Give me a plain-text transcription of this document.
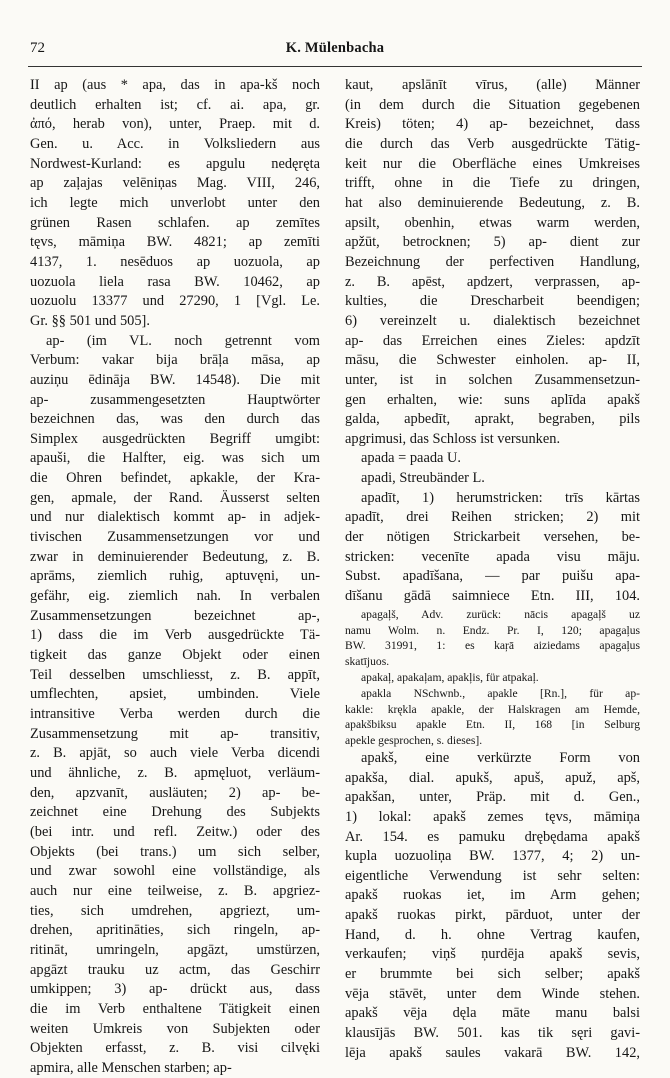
72	K. Mülenbacha
II ap (aus * apa, das in apa-kš noch
deutlich erhalten ist; cf. ai. apa, gr.
ἀπό, herab von), unter, Praep. mit d.
Gen. u. Acc. in Volksliedern aus
Nordwest-Kurland: es apgulu nedęręta
ap zaļajas velēniņas Mag. VIII, 246,
ich legte mich unverlobt unter den
grünen Rasen schlafen. ap zemītes
tęvs, māmiņa BW. 4821; ap zemīti
4137, 1. nesēduos ap uozuola, ap
uozuola liela rasa BW. 10462, ap
uozuolu 13377 und 27290, 1 [Vgl. Le.
Gr. §§ 501 und 505].
ap- (im VL. noch getrennt vom
Verbum: vakar bija brāļa māsa, ap
auziņu ēdināja BW. 14548). Die mit
ap- zusammengesetzten Hauptwörter
bezeichnen das, was den durch das
Simplex ausgedrückten Begriff umgibt:
apauši, die Halfter, eig. was sich um
die Ohren befindet, apkakle, der Kra-
gen, apmale, der Rand. Äusserst selten
und nur dialektisch kommt ap- in adjek-
tivischen Zusammensetzungen vor und
zwar in deminuierender Bedeutung, z. B.
aprāms, ziemlich ruhig, aptuvęni, un-
gefähr, eig. ziemlich nah. In verbalen
Zusammensetzungen bezeichnet ap-,
1) dass die im Verb ausgedrückte Tä-
tigkeit das ganze Objekt oder einen
Teil desselben umschliesst, z. B. appīt,
umflechten, apsiet, umbinden. Viele
intransitive Verba werden durch die
Zusammensetzung mit ap- transitiv,
z. B. apjāt, so auch viele Verba dicendi
und ähnliche, z. B. apmęluot, verläum-
den, apzvanīt, ausläuten; 2) ap- be-
zeichnet eine Drehung des Subjekts
(bei intr. und refl. Zeitw.) oder des
Objekts (bei trans.) um sich selber,
und zwar sowohl eine vollständige, als
auch nur eine teilweise, z. B. apgriez-
ties, sich umdrehen, apgriezt, um-
drehen, apritināties, sich ringeln, ap-
ritināt, umringeln, apgāzt, umstürzen,
apgāzt trauku uz actm, das Geschirr
umkippen; 3) ap- drückt aus, dass
die im Verb enthaltene Tätigkeit einen
weiten Umkreis von Subjekten oder
Objekten erfasst, z. B. visi cilvęki
apmira, alle Menschen starben; ap-
kaut, apslānīt vīrus, (alle) Männer
(in dem durch die Situation gegebenen
Kreis) töten; 4) ap- bezeichnet, dass
die durch das Verb ausgedrückte Tätig-
keit nur die Oberfläche eines Umkreises
trifft, ohne in die Tiefe zu dringen,
hat also deminuierende Bedeutung, z. B.
apsilt, obenhin, etwas warm werden,
apžūt, betrocknen; 5) ap- dient zur
Bezeichnung der perfectiven Handlung,
z. B. apēst, apdzert, verprassen, ap-
kulties, die Drescharbeit beendigen;
6) vereinzelt u. dialektisch bezeichnet
ap- das Erreichen eines Zieles: apdzīt
māsu, die Schwester einholen. ap- II,
unter, ist in solchen Zusammensetzun-
gen erhalten, wie: suns aplīda apakš
galda, apbedīt, aprakt, begraben, pils
apgrimusi, das Schloss ist versunken.
apada = paada U.
apadi, Streubänder L.
apadīt, 1) herumstricken: trīs kārtas
apadīt, drei Reihen stricken; 2) mit
der nötigen Strickarbeit versehen, be-
stricken: vecenīte apada visu māju.
Subst. apadīšana, — par puišu apa-
dīšanu gādā saimniece Etn. III, 104.
apagaļš, Adv. zurück: nācis apagaļš uz
namu Wolm. n. Endz. Pr. I, 120; apagaļus
BW. 31991, 1: es kaŗā aiziedams apagaļus
skatījuos.
apakaļ, apakaļam, apakļis, für atpakaļ.
apakla NSchwnb., apakle [Rn.], für ap-
kakle: krękla apakle, der Halskragen am Hemde,
apakšbiksu apakle Etn. II, 168 [in Selburg
apekle gesprochen, s. dieses].
apakš, eine verkürzte Form von
apakša, dial. apukš, apuš, apuž, apš,
apakšan, unter, Präp. mit d. Gen.,
1) lokal: apakš zemes tęvs, māmiņa
Ar. 154. es pamuku drębędama apakš
kupla uozuoliņa BW. 1377, 4; 2) un-
eigentliche Verwendung ist sehr selten:
apakš ruokas iet, im Arm gehen;
apakš ruokas pirkt, pārduot, unter der
Hand, d. h. ohne Vertrag kaufen,
verkaufen; viņš ņurdēja apakš sevis,
er brummte bei sich selber; apakš
vēja stāvēt, unter dem Winde stehen.
apakš vēja dęla māte manu balsi
klausījās BW. 501. kas tik sęri gavi-
lēja apakš saules vakarā BW. 142,
